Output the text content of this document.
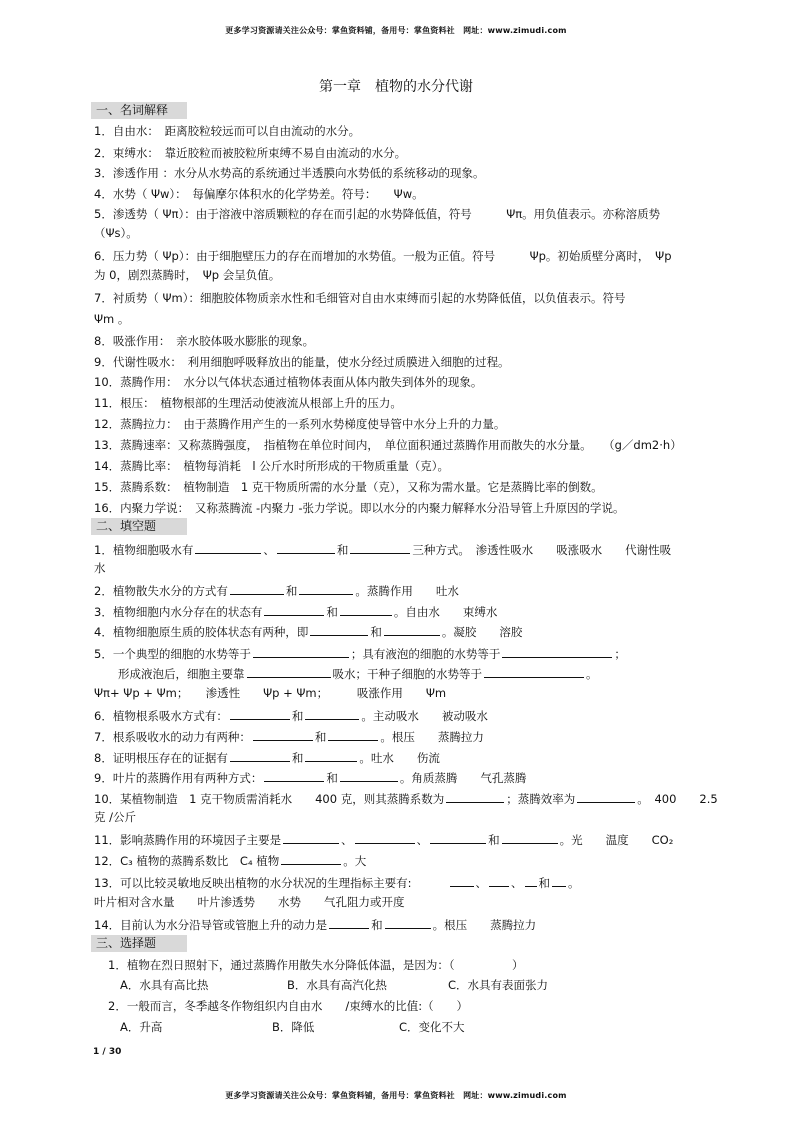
更多学习资源请关注公众号：掌鱼资料铺，备用号：掌鱼资料社　网址：www.zimudi.com
第一章　植物的水分代谢
一、名词解释
1．自由水：　距离胶粒较远而可以自由流动的水分。
2．束缚水：　靠近胶粒而被胶粒所束缚不易自由流动的水分。
3．渗透作用 ：水分从水势高的系统通过半透膜向水势低的系统移动的现象。
4．水势（ Ψw）：　每偏摩尔体积水的化学势差。符号：　　Ψw。
5．渗透势（ Ψπ）：由于溶液中溶质颗粒的存在而引起的水势降低值，符号　　　Ψπ。用负值表示。亦称溶质势
（Ψs）。
6．压力势（ Ψp）：由于细胞壁压力的存在而增加的水势值。一般为正值。符号　　　Ψp。初始质壁分离时，　Ψp
为 0，剧烈蒸腾时，　Ψp 会呈负值。
7．衬质势（ Ψm）：细胞胶体物质亲水性和毛细管对自由水束缚而引起的水势降低值，以负值表示。符号
Ψm 。
8．吸涨作用：　亲水胶体吸水膨胀的现象。
9．代谢性吸水：　利用细胞呼吸释放出的能量，使水分经过质膜进入细胞的过程。
10．蒸腾作用：　水分以气体状态通过植物体表面从体内散失到体外的现象。
11．根压：　植物根部的生理活动使液流从根部上升的压力。
12．蒸腾拉力：　由于蒸腾作用产生的一系列水势梯度使导管中水分上升的力量。
13．蒸腾速率：又称蒸腾强度，　指植物在单位时间内，　单位面积通过蒸腾作用而散失的水分量。　　（g／dm2·h）
14．蒸腾比率：　植物每消耗　l 公斤水时所形成的干物质重量（克）。
15．蒸腾系数：　植物制造　1 克干物质所需的水分量（克），又称为需水量。它是蒸腾比率的倒数。
16．内聚力学说：　又称蒸腾流 -内聚力 -张力学说。即以水分的内聚力解释水分沿导管上升原因的学说。
二、填空题
1．植物细胞吸水有	、	和	三种方式。　渗透性吸水　　吸涨吸水　　代谢性吸
水
2．植物散失水分的方式有	和	。蒸腾作用　　吐水
3．植物细胞内水分存在的状态有	和	。自由水　　束缚水
4．植物细胞原生质的胶体状态有两种，即	和	。凝胶　　溶胶
5．一个典型的细胞的水势等于	；具有液泡的细胞的水势等于	；
形成液泡后，细胞主要靠	吸水；干种子细胞的水势等于	。
Ψπ+ Ψp + Ψm；　　渗透性　　Ψp + Ψm；　　　吸涨作用　　Ψm
6．植物根系吸水方式有：	和	。主动吸水　　被动吸水
7．根系吸收水的动力有两种：	和	。根压　　蒸腾拉力
8．证明根压存在的证据有	和	。吐水　　伤流
9．叶片的蒸腾作用有两种方式：	和	。角质蒸腾　　气孔蒸腾
10．某植物制造　1 克干物质需消耗水　　400 克，则其蒸腾系数为	；蒸腾效率为	。　400　　2.5
克 /公斤
11．影响蒸腾作用的环境因子主要是	、	、	和	。光　　温度　　CO₂
12．C₃ 植物的蒸腾系数比　C₄ 植物	。大
13．可以比较灵敏地反映出植物的水分状况的生理指标主要有:	、 、 和 。
叶片相对含水量　　叶片渗透势　　水势　　气孔阻力或开度
14．目前认为水分沿导管或管胞上升的动力是	和	。根压　　蒸腾拉力
三、选择题
1．植物在烈日照射下，通过蒸腾作用散失水分降低体温，是因为：（　　　　　）
A．水具有高比热	B．水具有高汽化热	C．水具有表面张力
2．一般而言，冬季越冬作物组织内自由水　　/束缚水的比值:（　　）
A．升高	B．降低	C．变化不大
1 / 30
更多学习资源请关注公众号：掌鱼资料铺，备用号：掌鱼资料社　网址：www.zimudi.com
